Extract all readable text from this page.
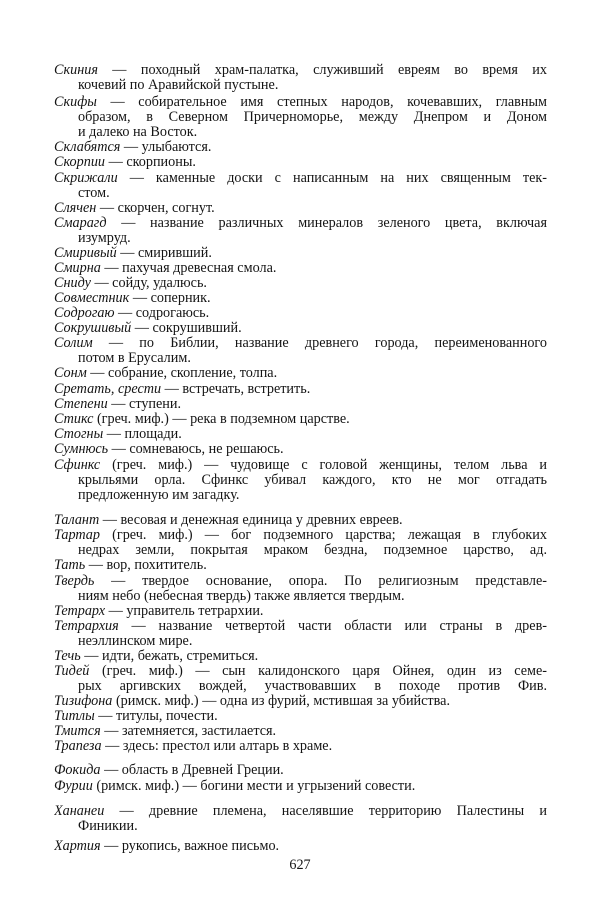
Скиния — походный храм-палатка, служивший евреям во время их
кочевий по Аравийской пустыне.
Скифы — собирательное имя степных народов, кочевавших, главным
образом, в Северном Причерноморье, между Днепром и Доном
и далеко на Восток.
Склабятся — улыбаются.
Скорпии — скорпионы.
Скрижали — каменные доски с написанным на них священным тек-
стом.
Слячен — скорчен, согнут.
Смарагд — название различных минералов зеленого цвета, включая
изумруд.
Смиривый — смиривший.
Смирна — пахучая древесная смола.
Сниду — сойду, удалюсь.
Совместник — соперник.
Содрогаю — содрогаюсь.
Сокрушивый — сокрушивший.
Солим — по Библии, название древнего города, переименованного
потом в Ерусалим.
Сонм — собрание, скопление, толпа.
Сретать, срести — встречать, встретить.
Степени — ступени.
Стикс (греч. миф.) — река в подземном царстве.
Стогны — площади.
Сумнюсь — сомневаюсь, не решаюсь.
Сфинкс (греч. миф.) — чудовище с головой женщины, телом льва и
крыльями орла. Сфинкс убивал каждого, кто не мог отгадать
предложенную им загадку.
Талант — весовая и денежная единица у древних евреев.
Тартар (греч. миф.) — бог подземного царства; лежащая в глубоких
недрах земли, покрытая мраком бездна, подземное царство, ад.
Тать — вор, похититель.
Твердь — твердое основание, опора. По религиозным представле-
ниям небо (небесная твердь) также является твердым.
Тетрарх — управитель тетрархии.
Тетрархия — название четвертой части области или страны в древ-
неэллинском мире.
Течь — идти, бежать, стремиться.
Тидей (греч. миф.) — сын калидонского царя Ойнея, один из семе-
рых аргивских вождей, участвовавших в походе против Фив.
Тизифона (римск. миф.) — одна из фурий, мстившая за убийства.
Титлы — титулы, почести.
Тмится — затемняется, застилается.
Трапеза — здесь: престол или алтарь в храме.
Фокида — область в Древней Греции.
Фурии (римск. миф.) — богини мести и угрызений совести.
Хананеи — древние племена, населявшие территорию Палестины и
Финикии.
Хартия — рукопись, важное письмо.
627
